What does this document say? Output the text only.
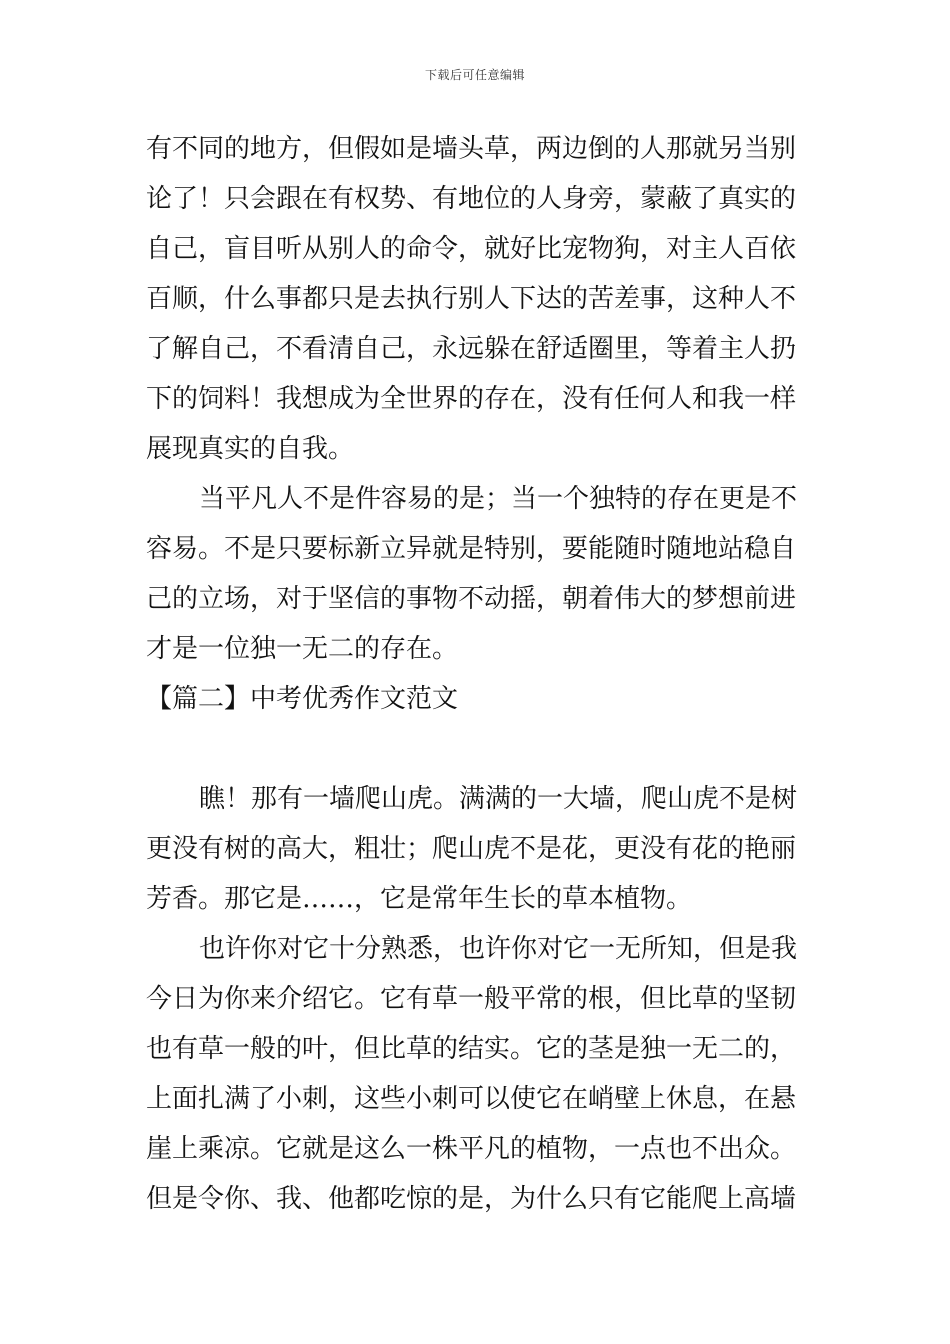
下载后可任意编辑
有不同的地方，但假如是墙头草，两边倒的人那就另当别
论了！只会跟在有权势、有地位的人身旁，蒙蔽了真实的
自己，盲目听从别人的命令，就好比宠物狗，对主人百依
百顺，什么事都只是去执行别人下达的苦差事，这种人不
了解自己，不看清自己，永远躲在舒适圈里，等着主人扔
下的饲料！我想成为全世界的存在，没有任何人和我一样
展现真实的自我。
当平凡人不是件容易的是；当一个独特的存在更是不
容易。不是只要标新立异就是特别，要能随时随地站稳自
己的立场，对于坚信的事物不动摇，朝着伟大的梦想前进
才是一位独一无二的存在。
【篇二】中考优秀作文范文
瞧！那有一墙爬山虎。满满的一大墙，爬山虎不是树
更没有树的高大，粗壮；爬山虎不是花，更没有花的艳丽
芳香。那它是……，它是常年生长的草本植物。
也许你对它十分熟悉，也许你对它一无所知，但是我
今日为你来介绍它。它有草一般平常的根，但比草的坚韧
也有草一般的叶，但比草的结实。它的茎是独一无二的，
上面扎满了小刺，这些小刺可以使它在峭壁上休息，在悬
崖上乘凉。它就是这么一株平凡的植物，一点也不出众。
但是令你、我、他都吃惊的是，为什么只有它能爬上高墙
